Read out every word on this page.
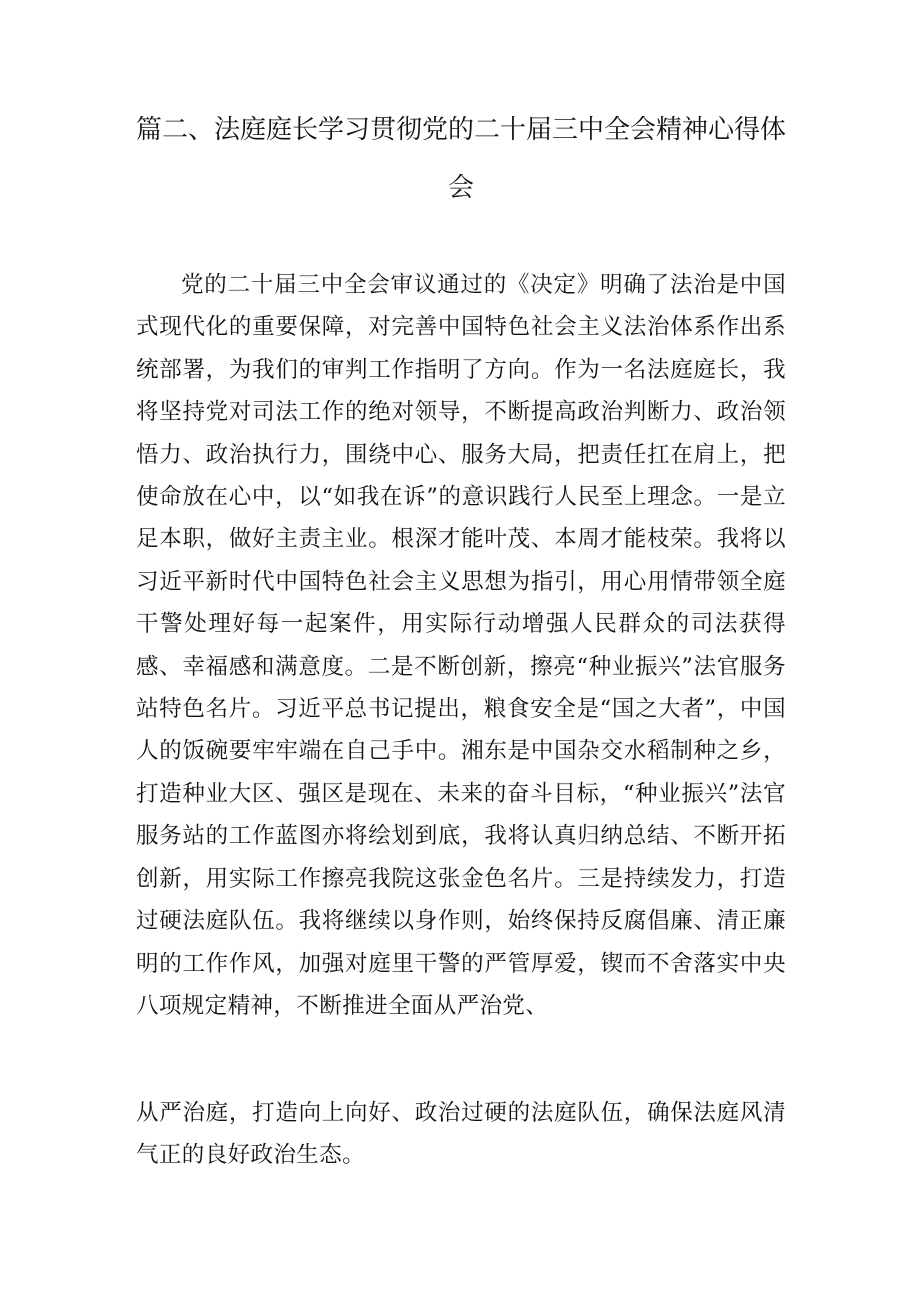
篇二、法庭庭长学习贯彻党的二十届三中全会精神心得体
会

党的二十届三中全会审议通过的《决定》明确了法治是中国式现代化的重要保障，对完善中国特色社会主义法治体系作出系统部署，为我们的审判工作指明了方向。作为一名法庭庭长，我将坚持党对司法工作的绝对领导，不断提高政治判断力、政治领悟力、政治执行力，围绕中心、服务大局，把责任扛在肩上，把使命放在心中，以“如我在诉”的意识践行人民至上理念。一是立足本职，做好主责主业。根深才能叶茂、本周才能枝荣。我将以习近平新时代中国特色社会主义思想为指引，用心用情带领全庭干警处理好每一起案件，用实际行动增强人民群众的司法获得感、幸福感和满意度。二是不断创新，擦亮“种业振兴”法官服务站特色名片。习近平总书记提出，粮食安全是“国之大者”，中国人的饭碗要牢牢端在自己手中。湘东是中国杂交水稻制种之乡，打造种业大区、强区是现在、未来的奋斗目标，“种业振兴”法官服务站的工作蓝图亦将绘划到底，我将认真归纳总结、不断开拓创新，用实际工作擦亮我院这张金色名片。三是持续发力，打造过硬法庭队伍。我将继续以身作则，始终保持反腐倡廉、清正廉明的工作作风，加强对庭里干警的严管厚爱，锲而不舍落实中央八项规定精神，不断推进全面从严治党、

从严治庭，打造向上向好、政治过硬的法庭队伍，确保法庭风清气正的良好政治生态。
